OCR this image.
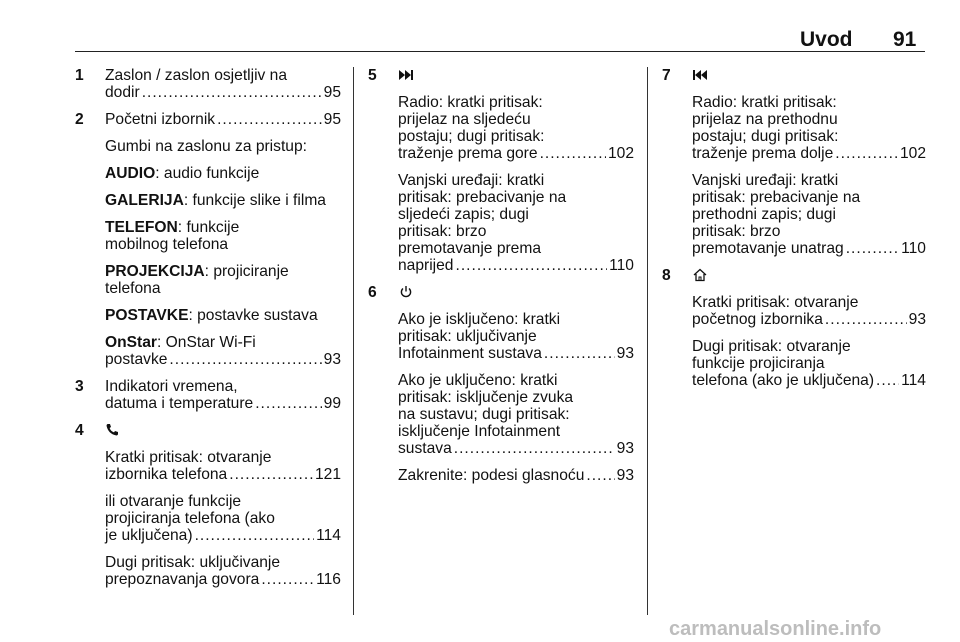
Uvod 91
1 Zaslon / zaslon osjetljiv na
dodir .....	95
2 Početni izbornik .....	95
Gumbi na zaslonu za pristup:
AUDIO: audio funkcije
GALERIJA: funkcije slike i filma
TELEFON: funkcije
mobilnog telefona
PROJEKCIJA: projiciranje
telefona
POSTAVKE: postavke sustava
OnStar: OnStar Wi-Fi
postavke .....	93
3 Indikatori vremena,
datuma i temperature .....	99
4
Kratki pritisak: otvaranje
izbornika telefona .....	121
ili otvaranje funkcije
projiciranja telefona (ako
je uključena) .....	114
Dugi pritisak: uključivanje
prepoznavanja govora .....	116
5
Radio: kratki pritisak:
prijelaz na sljedeću
postaju; dugi pritisak:
traženje prema gore .....	102
Vanjski uređaji: kratki
pritisak: prebacivanje na
sljedeći zapis; dugi
pritisak: brzo
premotavanje prema
naprijed .....	110
6
Ako je isključeno: kratki
pritisak: uključivanje
Infotainment sustava .....	93
Ako je uključeno: kratki
pritisak: isključenje zvuka
na sustavu; dugi pritisak:
isključenje Infotainment
sustava .....	93
Zakrenite: podesi glasnoću ..... 93
7
Radio: kratki pritisak:
prijelaz na prethodnu
postaju; dugi pritisak:
traženje prema dolje .....	102
Vanjski uređaji: kratki
pritisak: prebacivanje na
prethodni zapis; dugi
pritisak: brzo
premotavanje unatrag .....	110
8
Kratki pritisak: otvaranje
početnog izbornika .....	93
Dugi pritisak: otvaranje
funkcije projiciranja
telefona (ako je uključena) ..... 114
carmanualsonline.info
